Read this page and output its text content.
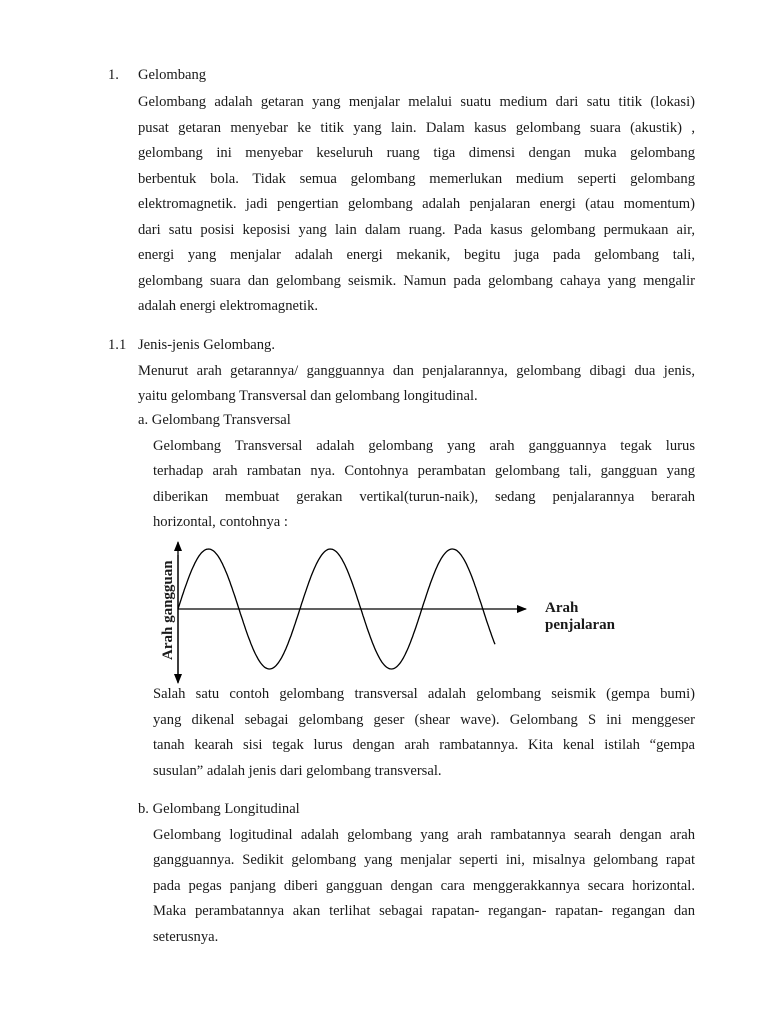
1. Gelombang
Gelombang adalah getaran yang menjalar melalui suatu medium dari satu titik (lokasi)
pusat getaran menyebar ke titik yang lain. Dalam kasus gelombang suara (akustik) ,
gelombang ini menyebar keseluruh ruang tiga dimensi dengan muka gelombang
berbentuk bola. Tidak semua gelombang memerlukan medium seperti gelombang
elektromagnetik. jadi pengertian gelombang adalah penjalaran energi (atau momentum)
dari satu posisi keposisi yang lain dalam ruang. Pada kasus gelombang permukaan air,
energi yang menjalar adalah energi mekanik, begitu juga pada gelombang tali,
gelombang suara dan gelombang seismik. Namun pada gelombang cahaya yang mengalir
adalah energi elektromagnetik.
1.1 Jenis-jenis Gelombang.
Menurut arah getarannya/ gangguannya dan penjalarannya, gelombang dibagi dua jenis,
yaitu gelombang Transversal dan gelombang longitudinal.
a. Gelombang Transversal
Gelombang Transversal adalah gelombang yang arah gangguannya tegak lurus
terhadap arah rambatan nya. Contohnya perambatan gelombang tali, gangguan yang
diberikan membuat gerakan vertikal(turun-naik), sedang penjalarannya berarah
horizontal, contohnya :
Arah gangguan	Arah
penjalaran
Salah satu contoh gelombang transversal adalah gelombang seismik (gempa bumi)
yang dikenal sebagai gelombang geser (shear wave). Gelombang S ini menggeser
tanah kearah sisi tegak lurus dengan arah rambatannya. Kita kenal istilah “gempa
susulan” adalah jenis dari gelombang transversal.
b. Gelombang Longitudinal
Gelombang logitudinal adalah gelombang yang arah rambatannya searah dengan arah
gangguannya. Sedikit gelombang yang menjalar seperti ini, misalnya gelombang rapat
pada pegas panjang diberi gangguan dengan cara menggerakkannya secara horizontal.
Maka perambatannya akan terlihat sebagai rapatan- regangan- rapatan- regangan dan
seterusnya.
